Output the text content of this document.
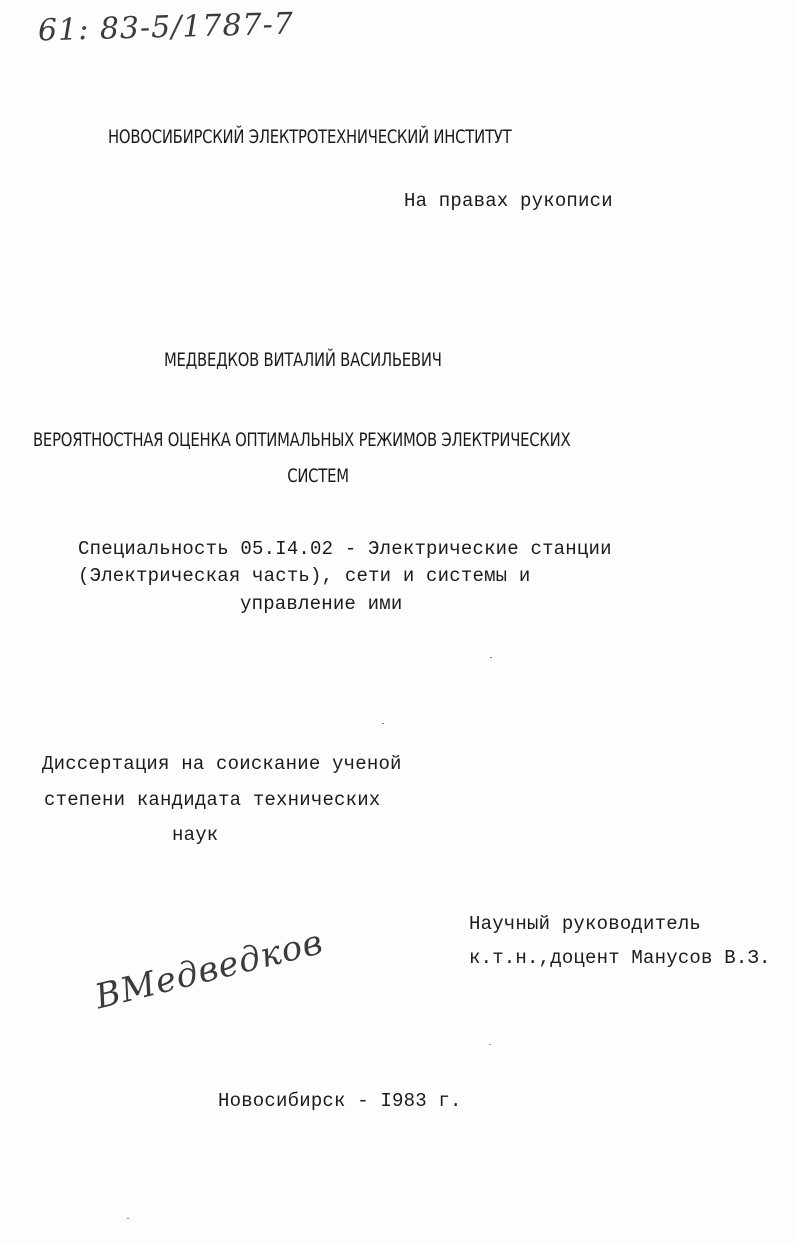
61: 83-5/1787-7
НОВОСИБИРСКИЙ ЭЛЕКТРОТЕХНИЧЕСКИЙ ИНСТИТУТ
На правах рукописи
МЕДВЕДКОВ ВИТАЛИЙ ВАСИЛЬЕВИЧ
ВЕРОЯТНОСТНАЯ ОЦЕНКА ОПТИМАЛЬНЫХ РЕЖИМОВ ЭЛЕКТРИЧЕСКИХ
СИСТЕМ
Специальность 05.I4.02 - Электрические станции
(Электрическая часть), сети и системы и
управление ими
Диссертация на соискание ученой
степени кандидата технических
наук
Научный руководитель
к.т.н.,доцент Манусов В.З.
ВМедведков
Новосибирск - I983 г.
